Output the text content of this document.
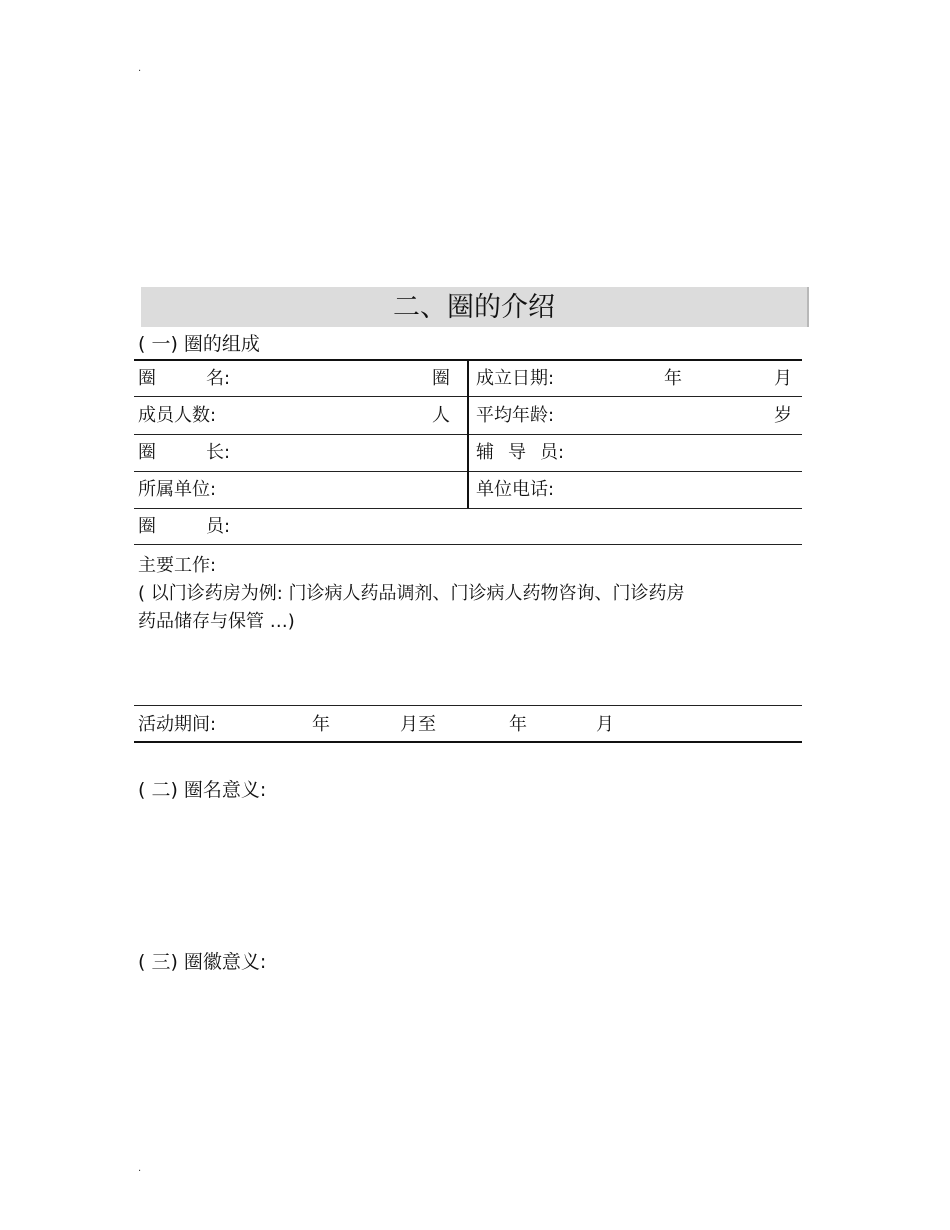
.
二、圈的介绍
( 一) 圈的组成
圈	名:	圈 成立日期:	年	月
成员人数:	人 平均年龄:	岁
圈	长:	辅 导 员:
所属单位:	单位电话:
圈	员:
主要工作:
( 以门诊药房为例: 门诊病人药品调剂、门诊病人药物咨询、门诊药房
药品储存与保管 …)
活动期间:	年	月至	年	月
( 二) 圈名意义:
( 三) 圈徽意义:
.
